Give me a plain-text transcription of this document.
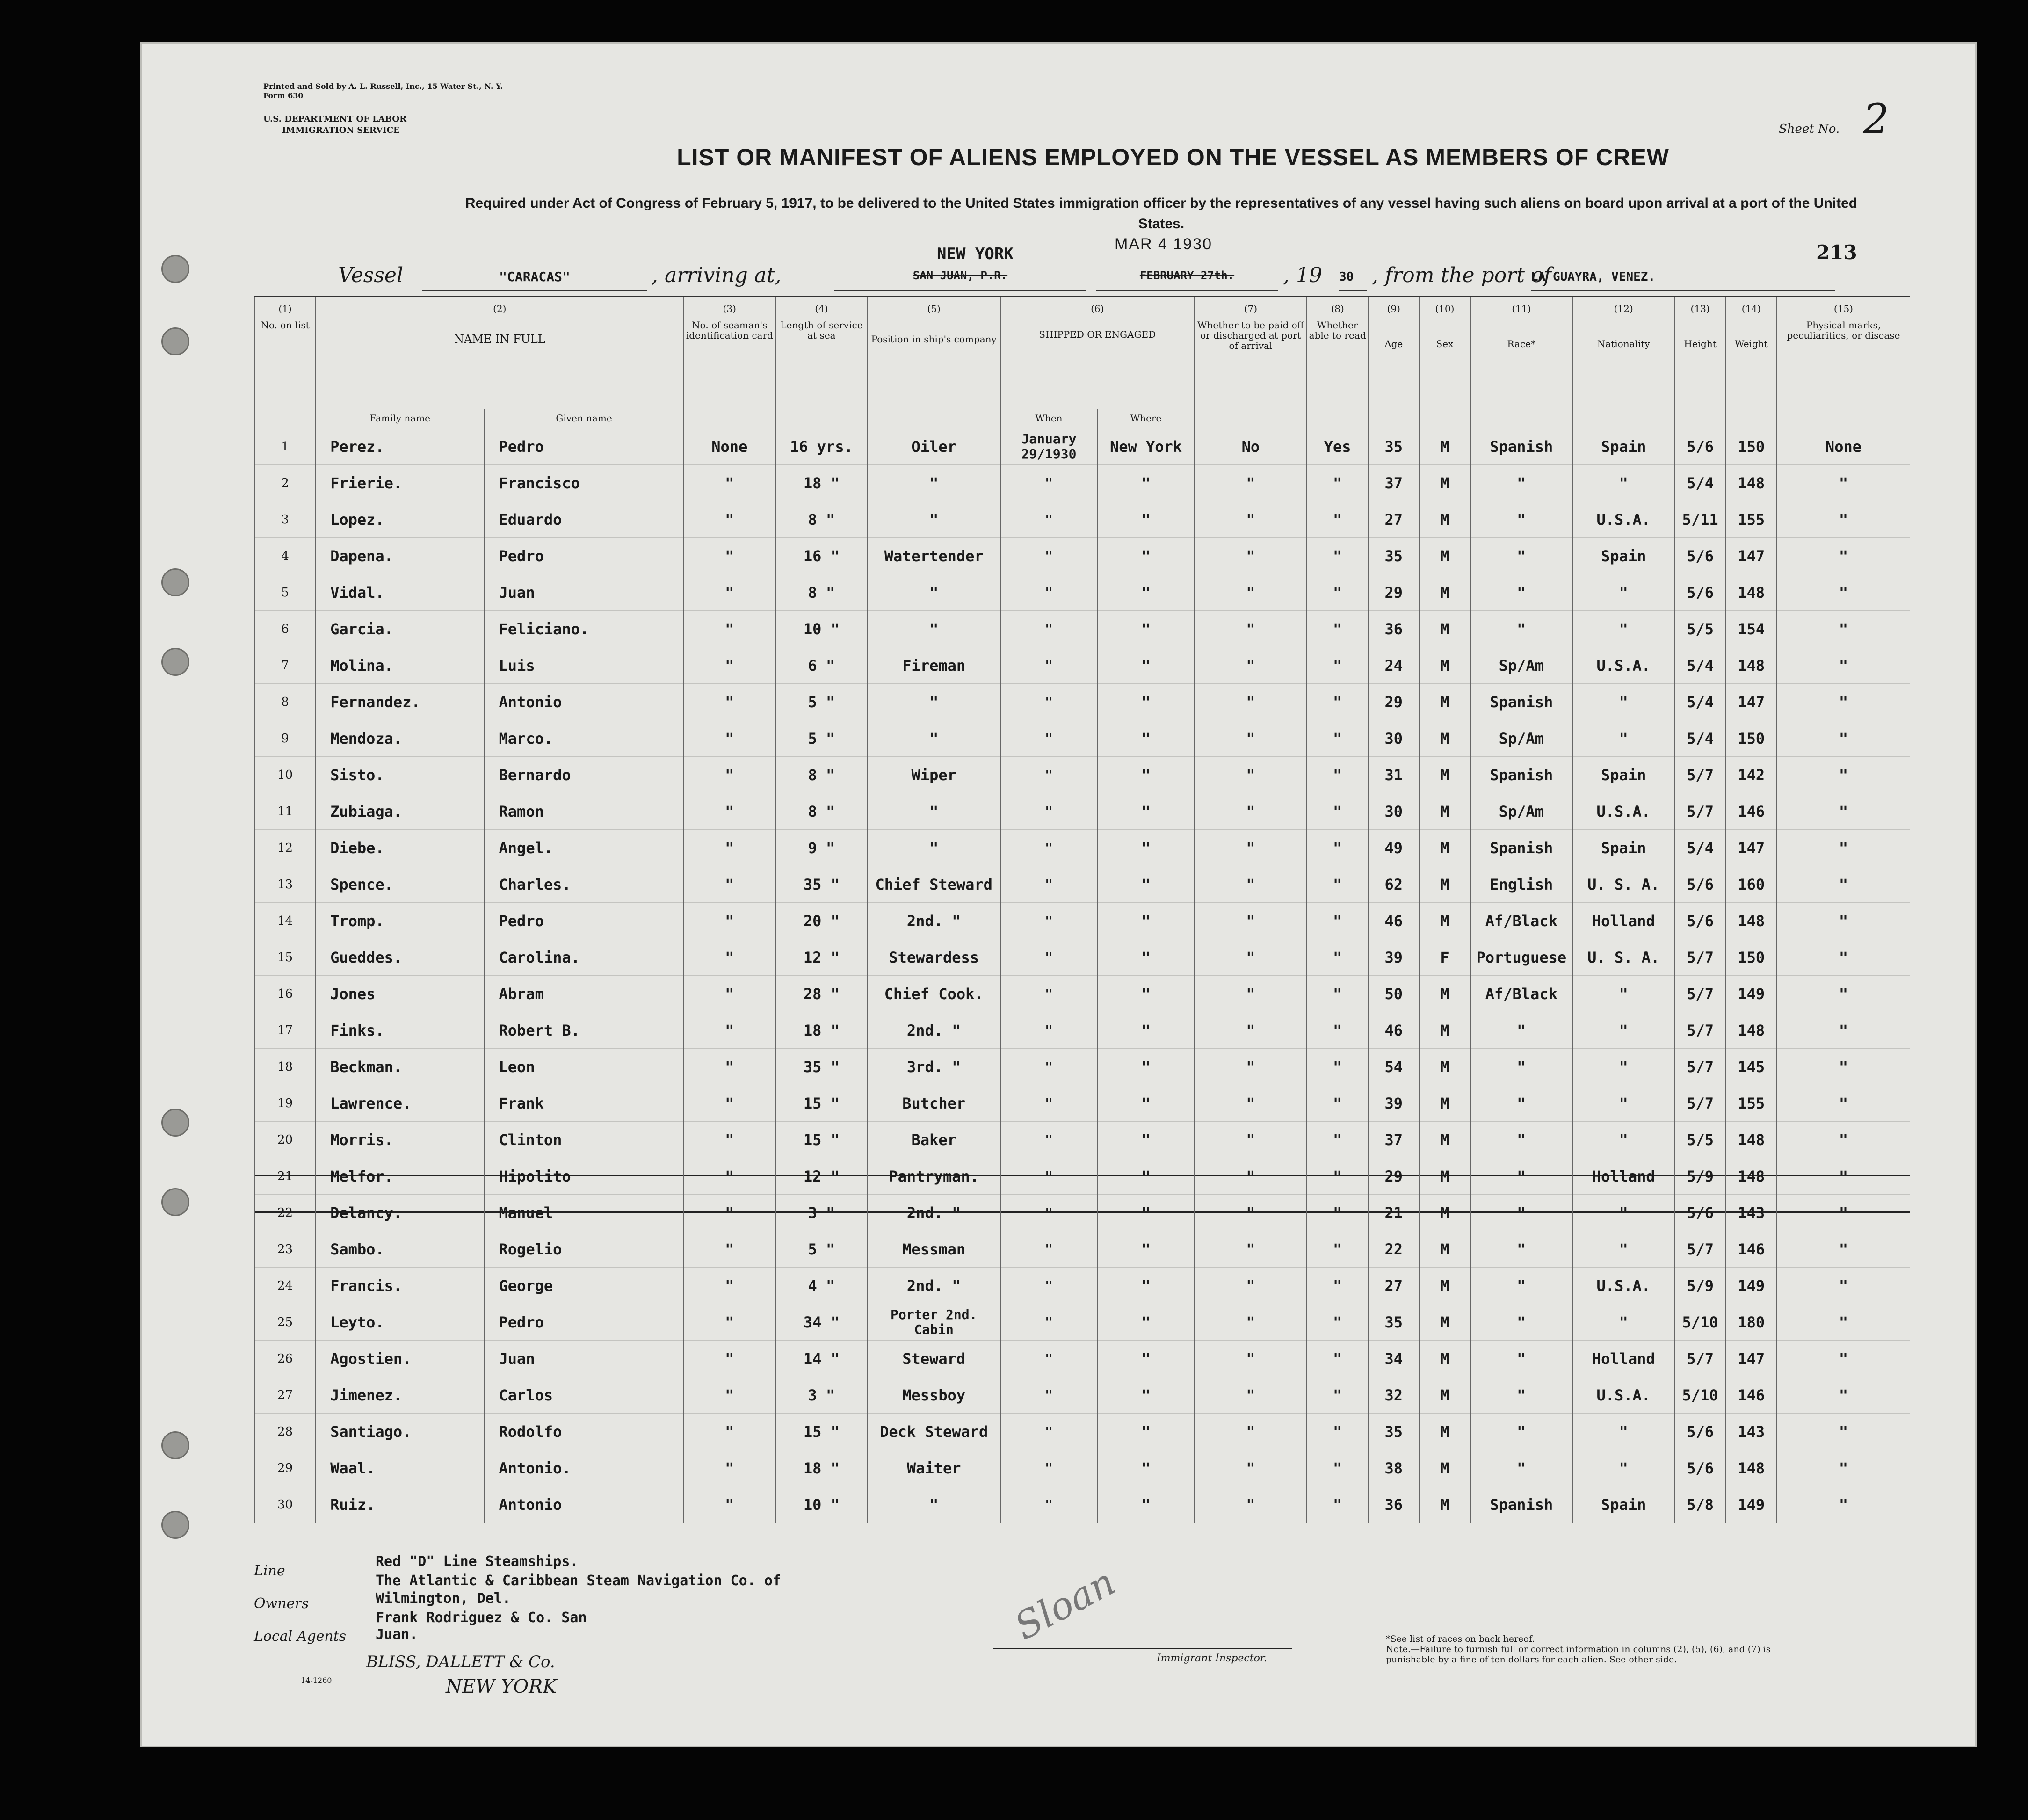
Printed and Sold by A. L. Russell, Inc., 15 Water St., N. Y.
Form 630
U.S. DEPARTMENT OF LABOR
IMMIGRATION SERVICE
LIST OR MANIFEST OF ALIENS EMPLOYED ON THE VESSEL AS MEMBERS OF CREW
Sheet No. 2
Required under Act of Congress of February 5, 1917, to be delivered to the United States immigration officer by the representatives of any vessel having such aliens on board upon arrival at a port of the United States.
213
MAR 4 1930
Vessel	"CARACAS"	, arriving at,
NEW YORK
SAN JUAN, P.R.	FEBRUARY 27th.	, 19 30 , from the port of
LA GUAYRA, VENEZ.
(1)	(2)		(3)	(4)	(5)	(6)		(7)	(8)	(9)	(10)	(11)	(12)	(13)	(14)	(15)
No. on list	NAME IN FULL		No. of seaman's identification card	Length of service at sea	Position in ship's company	SHIPPED OR ENGAGED		Whether to be paid off or discharged at port of arrival	Whether able to read	Age	Sex	Race*	Nationality	Height	Weight	Physical marks, peculiarities, or disease
	Family name	Given name				When	Where									
1	Perez.	Pedro	None	16 yrs.	Oiler	January 29/1930	New York	No	Yes	35	M	Spanish	Spain	5/6	150	None
2	Frierie.	Francisco	"	18 "	"	"	"	"	"	37	M	"	"	5/4	148	"
3	Lopez.	Eduardo	"	8 "	"	"	"	"	"	27	M	"	U.S.A.	5/11	155	"
4	Dapena.	Pedro	"	16 "	Watertender	"	"	"	"	35	M	"	Spain	5/6	147	"
5	Vidal.	Juan	"	8 "	"	"	"	"	"	29	M	"	"	5/6	148	"
6	Garcia.	Feliciano.	"	10 "	"	"	"	"	"	36	M	"	"	5/5	154	"
7	Molina.	Luis	"	6 "	Fireman	"	"	"	"	24	M	Sp/Am	U.S.A.	5/4	148	"
8	Fernandez.	Antonio	"	5 "	"	"	"	"	"	29	M	Spanish	"	5/4	147	"
9	Mendoza.	Marco.	"	5 "	"	"	"	"	"	30	M	Sp/Am	"	5/4	150	"
10	Sisto.	Bernardo	"	8 "	Wiper	"	"	"	"	31	M	Spanish	Spain	5/7	142	"
11	Zubiaga.	Ramon	"	8 "	"	"	"	"	"	30	M	Sp/Am	U.S.A.	5/7	146	"
12	Diebe.	Angel.	"	9 "	"	"	"	"	"	49	M	Spanish	Spain	5/4	147	"
13	Spence.	Charles.	"	35 "	Chief Steward	"	"	"	"	62	M	English	U. S. A.	5/6	160	"
14	Tromp.	Pedro	"	20 "	2nd. "	"	"	"	"	46	M	Af/Black	Holland	5/6	148	"
15	Gueddes.	Carolina.	"	12 "	Stewardess	"	"	"	"	39	F	Portuguese	U. S. A.	5/7	150	"
16	Jones	Abram	"	28 "	Chief Cook.	"	"	"	"	50	M	Af/Black	"	5/7	149	"
17	Finks.	Robert B.	"	18 "	2nd. "	"	"	"	"	46	M	"	"	5/7	148	"
18	Beckman.	Leon	"	35 "	3rd. "	"	"	"	"	54	M	"	"	5/7	145	"
19	Lawrence.	Frank	"	15 "	Butcher	"	"	"	"	39	M	"	"	5/7	155	"
20	Morris.	Clinton	"	15 "	Baker	"	"	"	"	37	M	"	"	5/5	148	"
21	Melfor.	Hipolito	"	12 "	Pantryman.	"	"	"	"	29	M	"	Holland	5/9	148	"
22	Delancy.	Manuel	"	3 "	2nd. "	"	"	"	"	21	M	"	"	5/6	143	"
23	Sambo.	Rogelio	"	5 "	Messman	"	"	"	"	22	M	"	"	5/7	146	"
24	Francis.	George	"	4 "	2nd. "	"	"	"	"	27	M	"	U.S.A.	5/9	149	"
25	Leyto.	Pedro	"	34 "	Porter 2nd. Cabin	"	"	"	"	35	M	"	"	5/10	180	"
26	Agostien.	Juan	"	14 "	Steward	"	"	"	"	34	M	"	Holland	5/7	147	"
27	Jimenez.	Carlos	"	3 "	Messboy	"	"	"	"	32	M	"	U.S.A.	5/10	146	"
28	Santiago.	Rodolfo	"	15 "	Deck Steward	"	"	"	"	35	M	"	"	5/6	143	"
29	Waal.	Antonio.	"	18 "	Waiter	"	"	"	"	38	M	"	"	5/6	148	"
30	Ruiz.	Antonio	"	10 "	"	"	"	"	"	36	M	Spanish	Spain	5/8	149	"
Line
Red "D" Line Steamships.
Owners
The Atlantic & Caribbean Steam Navigation Co. of Wilmington, Del.
Local Agents
Frank Rodriguez & Co. San Juan.
BLISS, DALLETT & Co.
NEW YORK
14-1260
Sloan
Immigrant Inspector.
*See list of races on back hereof.
Note.—Failure to furnish full or correct information in columns (2), (5), (6), and (7) is punishable by a fine of ten dollars for each alien. See other side.
